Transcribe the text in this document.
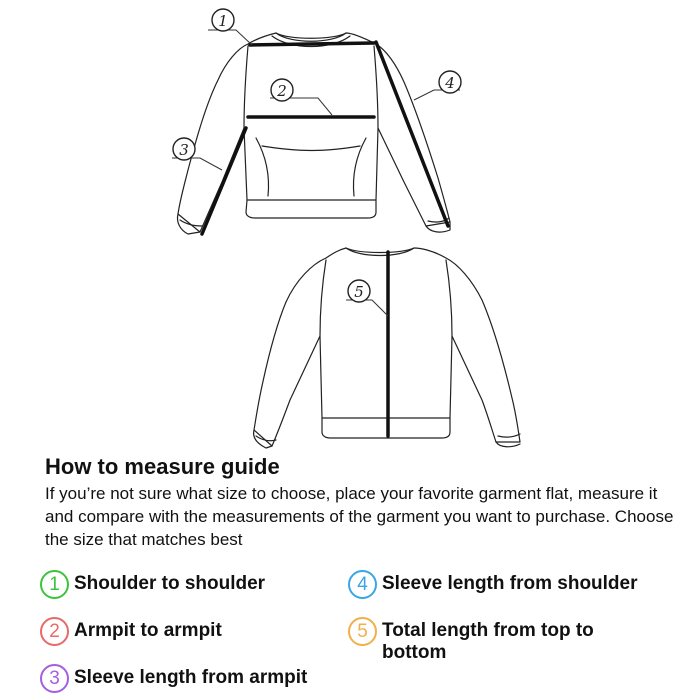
1
2
3
4
5
How to measure guide

If you’re not sure what size to choose, place your favorite garment flat, measure it and compare with the measurements of the garment you want to purchase. Choose the size that matches best

1 Shoulder to shoulder
2 Armpit to armpit
3 Sleeve length from armpit
4 Sleeve length from shoulder
5 Total length from top to bottom
